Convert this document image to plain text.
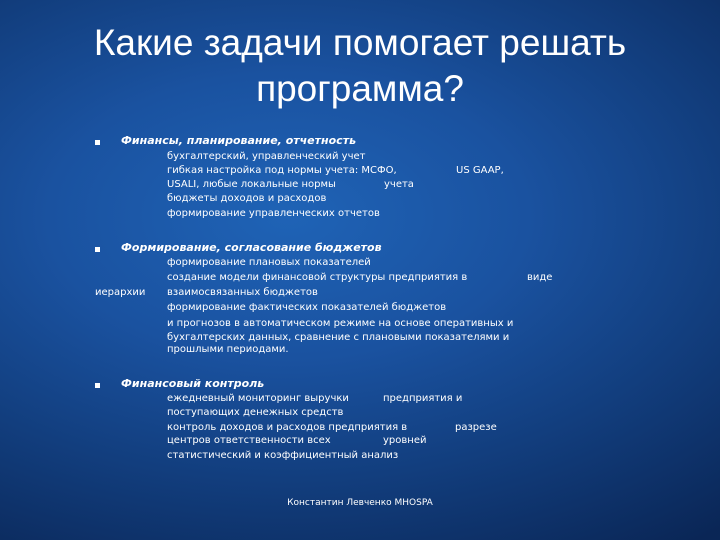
Какие задачи помогает решать
программа?
Финансы, планирование, отчетность
бухгалтерский, управленческий учет
гибкая настройка под нормы учета: МСФО,	US GAAP,
USALI, любые локальные нормы	учета
бюджеты доходов и расходов
формирование управленческих отчетов
Формирование, согласование бюджетов
формирование плановых показателей
создание модели финансовой структуры предприятия в	виде
иерархии взаимосвязанных бюджетов
формирование фактических показателей бюджетов
и прогнозов в автоматическом режиме на основе оперативных и
бухгалтерских данных, сравнение с плановыми показателями и
прошлыми периодами.
Финансовый контроль
ежедневный мониторинг выручки	предприятия и
поступающих денежных средств
контроль доходов и расходов предприятия в	разрезе
центров ответственности всех	уровней
статистический и коэффициентный анализ
Константин Левченко МНОSPA
